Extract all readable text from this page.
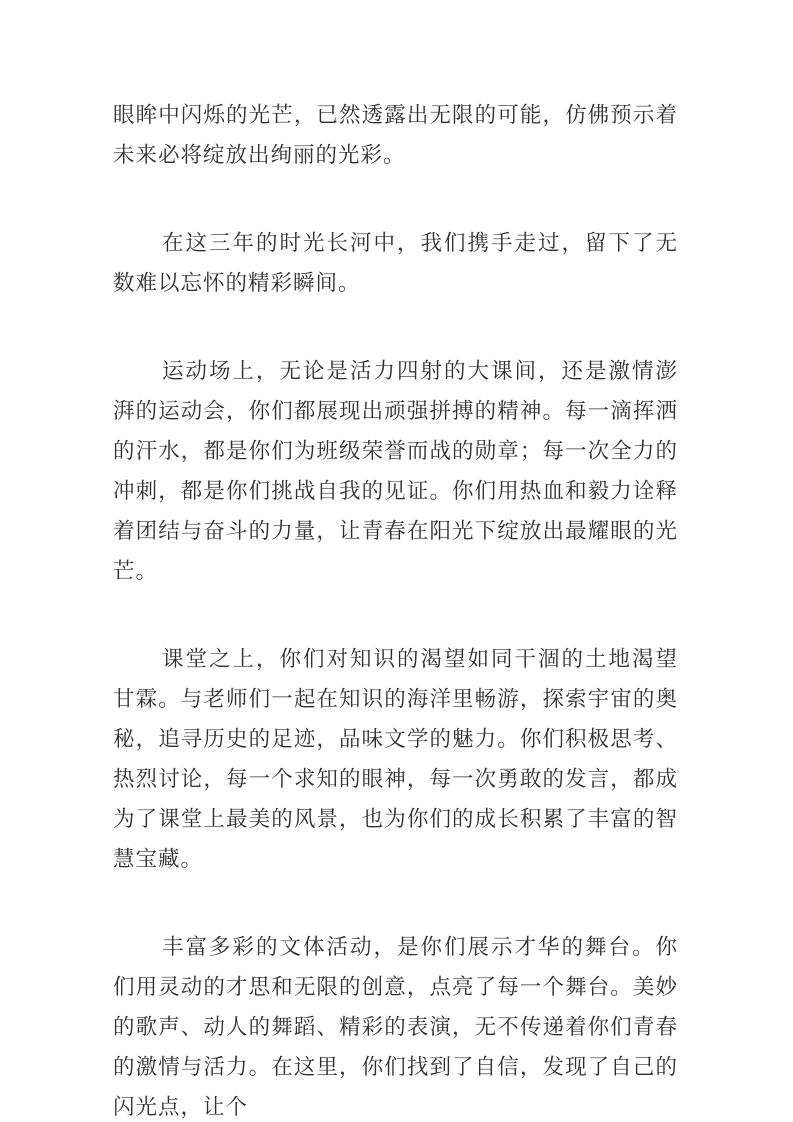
眼眸中闪烁的光芒，已然透露出无限的可能，仿佛预示着未来必将绽放出绚丽的光彩。

在这三年的时光长河中，我们携手走过，留下了无数难以忘怀的精彩瞬间。

运动场上，无论是活力四射的大课间，还是激情澎湃的运动会，你们都展现出顽强拼搏的精神。每一滴挥洒的汗水，都是你们为班级荣誉而战的勋章；每一次全力的冲刺，都是你们挑战自我的见证。你们用热血和毅力诠释着团结与奋斗的力量，让青春在阳光下绽放出最耀眼的光芒。

课堂之上，你们对知识的渴望如同干涸的土地渴望甘霖。与老师们一起在知识的海洋里畅游，探索宇宙的奥秘，追寻历史的足迹，品味文学的魅力。你们积极思考、热烈讨论，每一个求知的眼神，每一次勇敢的发言，都成为了课堂上最美的风景，也为你们的成长积累了丰富的智慧宝藏。

丰富多彩的文体活动，是你们展示才华的舞台。你们用灵动的才思和无限的创意，点亮了每一个舞台。美妙的歌声、动人的舞蹈、精彩的表演，无不传递着你们青春的激情与活力。在这里，你们找到了自信，发现了自己的闪光点，让个
